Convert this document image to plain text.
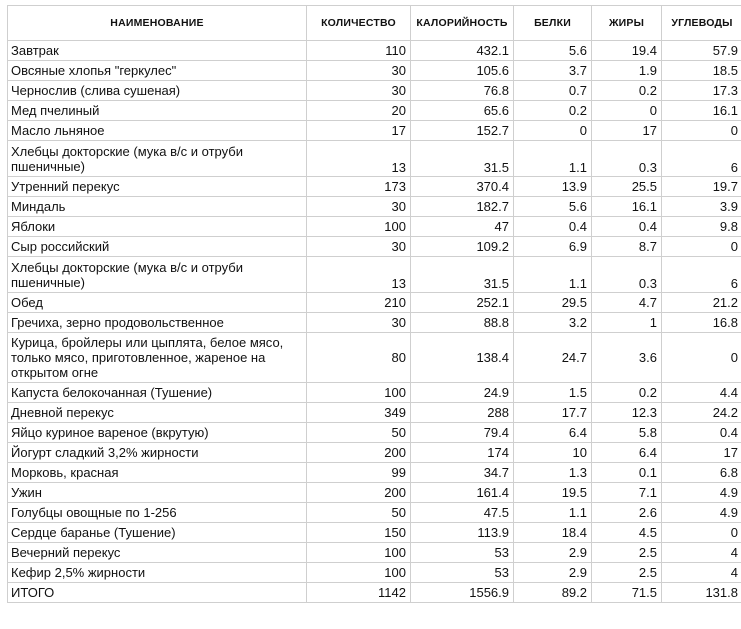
НАИМЕНОВАНИЕ	КОЛИЧЕСТВО	КАЛОРИЙНОСТЬ	БЕЛКИ	ЖИРЫ	УГЛЕВОДЫ
Завтрак	110	432.1	5.6	19.4	57.9
Овсяные хлопья "геркулес"	30	105.6	3.7	1.9	18.5
Чернослив (слива сушеная)	30	76.8	0.7	0.2	17.3
Мед пчелиный	20	65.6	0.2	0	16.1
Масло льняное	17	152.7	0	17	0
Хлебцы докторские (мука в/с и отруби пшеничные)	13	31.5	1.1	0.3	6
Утренний перекус	173	370.4	13.9	25.5	19.7
Миндаль	30	182.7	5.6	16.1	3.9
Яблоки	100	47	0.4	0.4	9.8
Сыр российский	30	109.2	6.9	8.7	0
Хлебцы докторские (мука в/с и отруби пшеничные)	13	31.5	1.1	0.3	6
Обед	210	252.1	29.5	4.7	21.2
Гречиха, зерно продовольственное	30	88.8	3.2	1	16.8
Курица, бройлеры или цыплята, белое мясо, только мясо, приготовленное, жареное на открытом огне	80	138.4	24.7	3.6	0
Капуста белокочанная (Тушение)	100	24.9	1.5	0.2	4.4
Дневной перекус	349	288	17.7	12.3	24.2
Яйцо куриное вареное (вкрутую)	50	79.4	6.4	5.8	0.4
Йогурт сладкий 3,2% жирности	200	174	10	6.4	17
Морковь, красная	99	34.7	1.3	0.1	6.8
Ужин	200	161.4	19.5	7.1	4.9
Голубцы овощные по 1-256	50	47.5	1.1	2.6	4.9
Сердце баранье (Тушение)	150	113.9	18.4	4.5	0
Вечерний перекус	100	53	2.9	2.5	4
Кефир 2,5% жирности	100	53	2.9	2.5	4
ИТОГО	1142	1556.9	89.2	71.5	131.8
